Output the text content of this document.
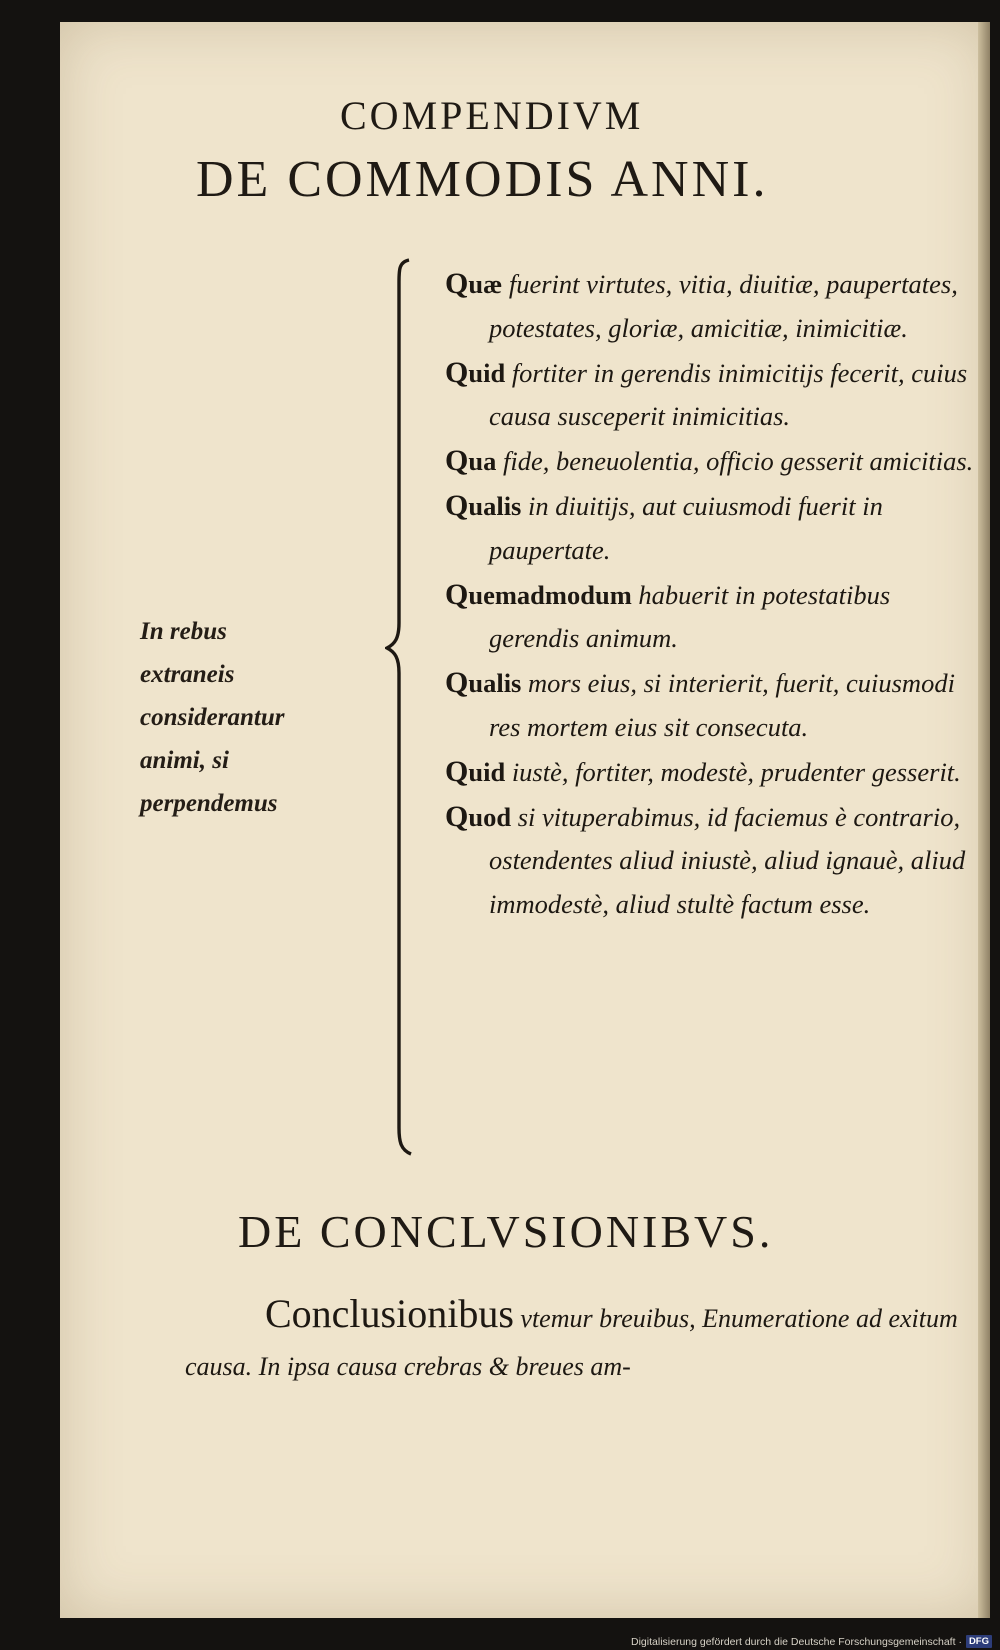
COMPENDIVM
DE COMMODIS ANNI.
In rebus extraneis considerantur animi, si perpendemus
Quæ fuerint virtutes, vitia, diuitiæ, paupertates, potestates, gloriæ, amicitiæ, inimicitiæ.
Quid fortiter in gerendis inimicitijs fecerit, cuius causa susceperit inimicitias.
Qua fide, beneuolentia, officio gesserit amicitias.
Qualis in diuitijs, aut cuiusmodi fuerit in paupertate.
Quemadmodum habuerit in potestatibus gerendis animum.
Qualis mors eius, si interierit, fuerit, cuiusmodi res mortem eius sit consecuta.
Quid iustè, fortiter, modestè, prudenter gesserit.
Quod si vituperabimus, id faciemus è contrario, ostendentes aliud iniustè, aliud ignauè, aliud immodestè, aliud stultè factum esse.
DE CONCLVSIONIBVS.
Conclusionibus vtemur breuibus, Enumeratione ad exitum causa. In ipsa causa crebras & breues am-
Digitalisierung gefördert durch die Deutsche Forschungsgemeinschaft · DFG
